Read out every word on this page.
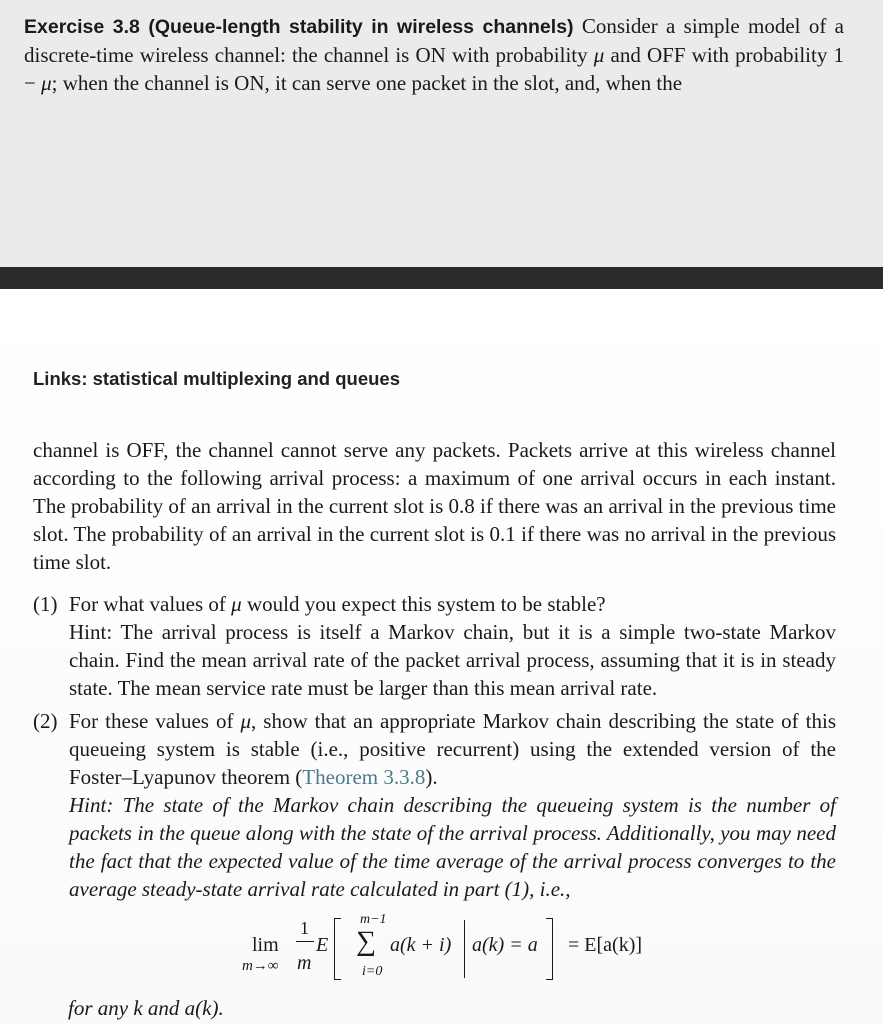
Exercise 3.8 (Queue-length stability in wireless channels) Consider a simple model of a discrete-time wireless channel: the channel is ON with probability μ and OFF with probability 1 − μ; when the channel is ON, it can serve one packet in the slot, and, when the
Links: statistical multiplexing and queues

channel is OFF, the channel cannot serve any packets. Packets arrive at this wireless channel according to the following arrival process: a maximum of one arrival occurs in each instant. The probability of an arrival in the current slot is 0.8 if there was an arrival in the previous time slot. The probability of an arrival in the current slot is 0.1 if there was no arrival in the previous time slot.

(1) For what values of μ would you expect this system to be stable?
Hint: The arrival process is itself a Markov chain, but it is a simple two-state Markov chain. Find the mean arrival rate of the packet arrival process, assuming that it is in steady state. The mean service rate must be larger than this mean arrival rate.
(2) For these values of μ, show that an appropriate Markov chain describing the state of this queueing system is stable (i.e., positive recurrent) using the extended version of the Foster–Lyapunov theorem (Theorem 3.3.8).
Hint: The state of the Markov chain describing the queueing system is the number of packets in the queue along with the state of the arrival process. Additionally, you may need the fact that the expected value of the time average of the arrival process converges to the average steady-state arrival rate calculated in part (1), i.e.,
lim
m→∞
1
m
E
m−1
∑
i=0
a(k + i) a(k) = a = E[a(k)]
for any k and a(k).
